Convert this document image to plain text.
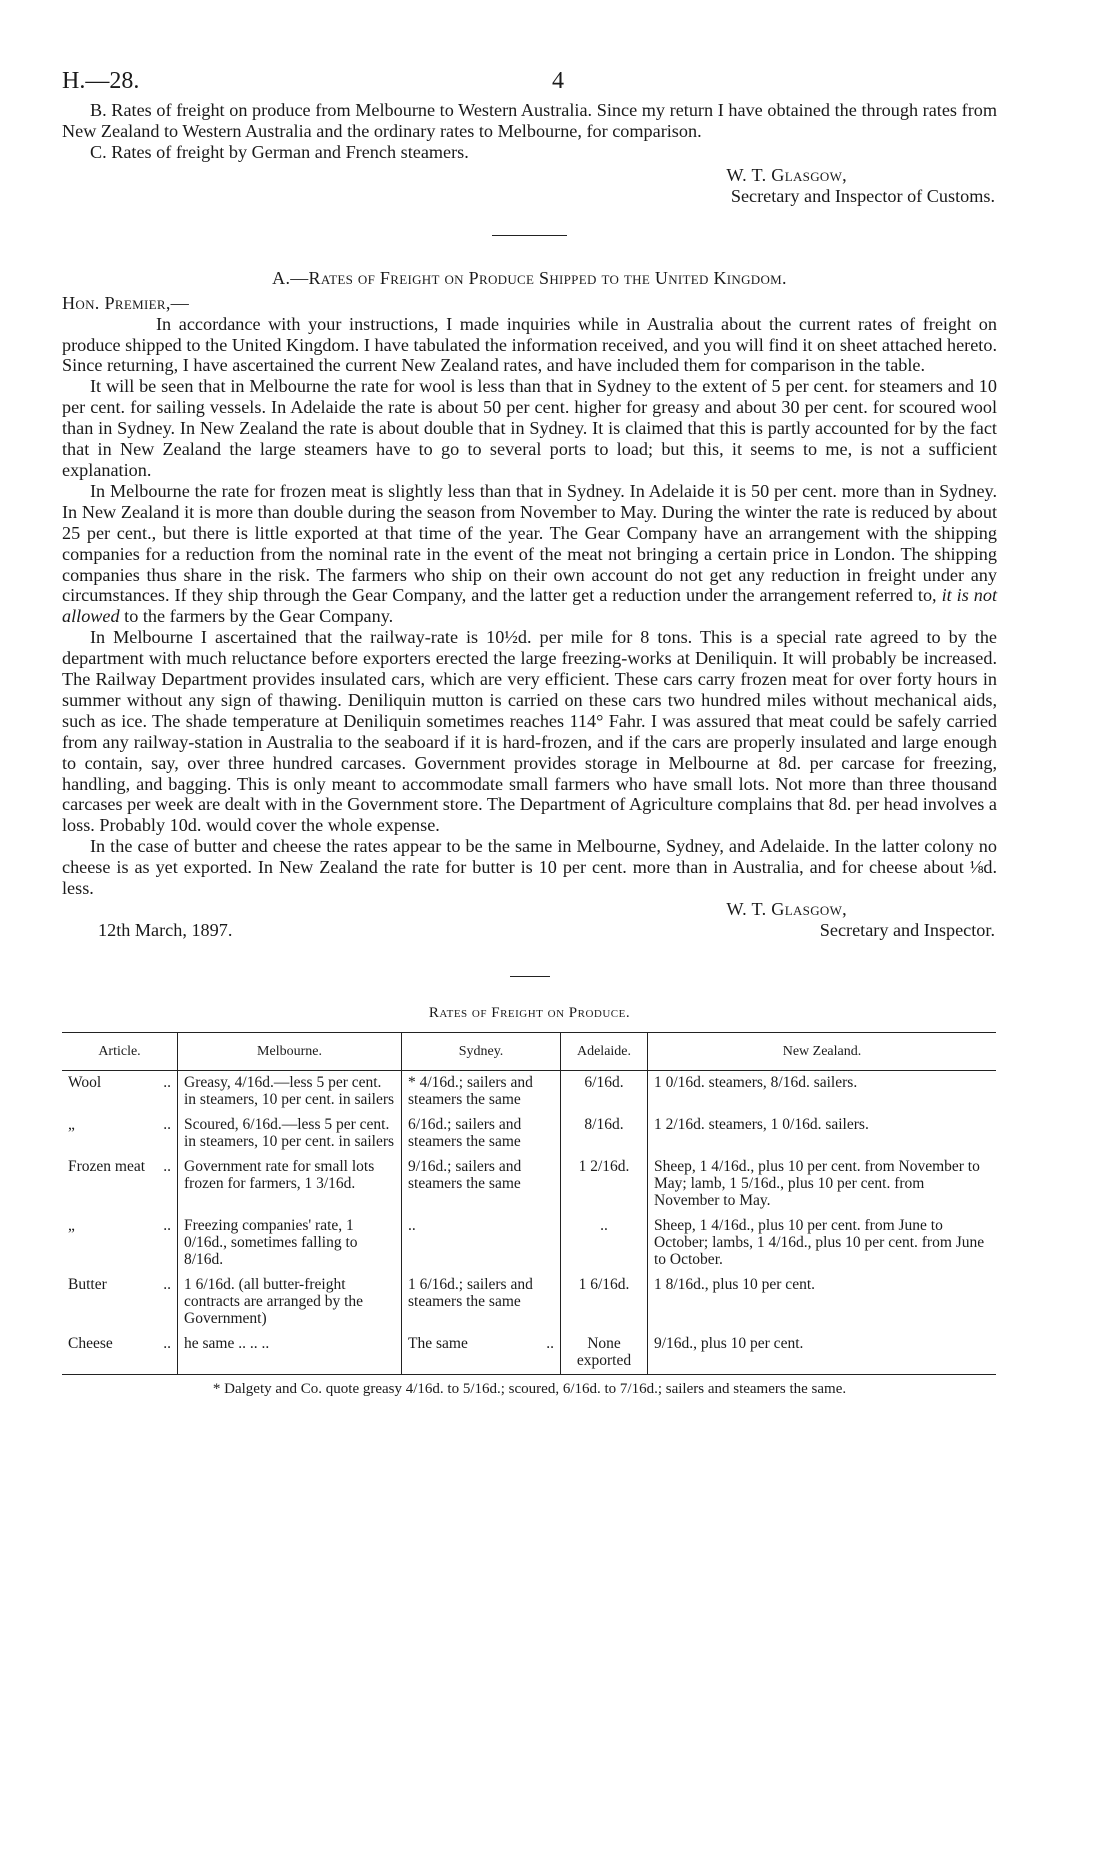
H.—28.	4

B. Rates of freight on produce from Melbourne to Western Australia. Since my return I have obtained the through rates from New Zealand to Western Australia and the ordinary rates to Melbourne, for comparison.

C. Rates of freight by German and French steamers.

W. T. Glasgow,
Secretary and Inspector of Customs.
A.—Rates of Freight on Produce Shipped to the United Kingdom.

Hon. Premier,—

In accordance with your instructions, I made inquiries while in Australia about the current rates of freight on produce shipped to the United Kingdom. I have tabulated the information received, and you will find it on sheet attached hereto. Since returning, I have ascertained the current New Zealand rates, and have included them for comparison in the table.

It will be seen that in Melbourne the rate for wool is less than that in Sydney to the extent of 5 per cent. for steamers and 10 per cent. for sailing vessels. In Adelaide the rate is about 50 per cent. higher for greasy and about 30 per cent. for scoured wool than in Sydney. In New Zealand the rate is about double that in Sydney. It is claimed that this is partly accounted for by the fact that in New Zealand the large steamers have to go to several ports to load; but this, it seems to me, is not a sufficient explanation.

In Melbourne the rate for frozen meat is slightly less than that in Sydney. In Adelaide it is 50 per cent. more than in Sydney. In New Zealand it is more than double during the season from November to May. During the winter the rate is reduced by about 25 per cent., but there is little exported at that time of the year. The Gear Company have an arrangement with the shipping companies for a reduction from the nominal rate in the event of the meat not bringing a certain price in London. The shipping companies thus share in the risk. The farmers who ship on their own account do not get any reduction in freight under any circumstances. If they ship through the Gear Company, and the latter get a reduction under the arrangement referred to, it is not allowed to the farmers by the Gear Company.

In Melbourne I ascertained that the railway-rate is 10½d. per mile for 8 tons. This is a special rate agreed to by the department with much reluctance before exporters erected the large freezing-works at Deniliquin. It will probably be increased. The Railway Department provides insulated cars, which are very efficient. These cars carry frozen meat for over forty hours in summer without any sign of thawing. Deniliquin mutton is carried on these cars two hundred miles without mechanical aids, such as ice. The shade temperature at Deniliquin sometimes reaches 114° Fahr. I was assured that meat could be safely carried from any railway-station in Australia to the seaboard if it is hard-frozen, and if the cars are properly insulated and large enough to contain, say, over three hundred carcases. Government provides storage in Melbourne at 8d. per carcase for freezing, handling, and bagging. This is only meant to accommodate small farmers who have small lots. Not more than three thousand carcases per week are dealt with in the Government store. The Department of Agriculture complains that 8d. per head involves a loss. Probably 10d. would cover the whole expense.

In the case of butter and cheese the rates appear to be the same in Melbourne, Sydney, and Adelaide. In the latter colony no cheese is as yet exported. In New Zealand the rate for butter is 10 per cent. more than in Australia, and for cheese about ⅛d. less.

W. T. Glasgow,
12th March, 1897.	Secretary and Inspector.
Rates of Freight on Produce.
Article.	Melbourne.	Sydney.	Adelaide.	New Zealand.
Wool ..	Greasy, 4/16d.—less 5 per cent. in steamers, 10 per cent. in sailers	* 4/16d.; sailers and steamers the same	6/16d.	1 0/16d. steamers, 8/16d. sailers.
„ ..	Scoured, 6/16d.—less 5 per cent. in steamers, 10 per cent. in sailers	6/16d.; sailers and steamers the same	8/16d.	1 2/16d. steamers, 1 0/16d. sailers.
Frozen meat ..	Government rate for small lots frozen for farmers, 1 3/16d.	9/16d.; sailers and steamers the same	1 2/16d.	Sheep, 1 4/16d., plus 10 per cent. from November to May; lamb, 1 5/16d., plus 10 per cent. from November to May.
„ ..	Freezing companies' rate, 1 0/16d., sometimes falling to 8/16d.	..	..	Sheep, 1 4/16d., plus 10 per cent. from June to October; lambs, 1 4/16d., plus 10 per cent. from June to October.
Butter ..	1 6/16d. (all butter-freight contracts are arranged by the Government)	1 6/16d.; sailers and steamers the same	1 6/16d.	1 8/16d., plus 10 per cent.
Cheese ..	he same .. .. ..	The same ..	None exported	9/16d., plus 10 per cent.
* Dalgety and Co. quote greasy 4/16d. to 5/16d.; scoured, 6/16d. to 7/16d.; sailers and steamers the same.
